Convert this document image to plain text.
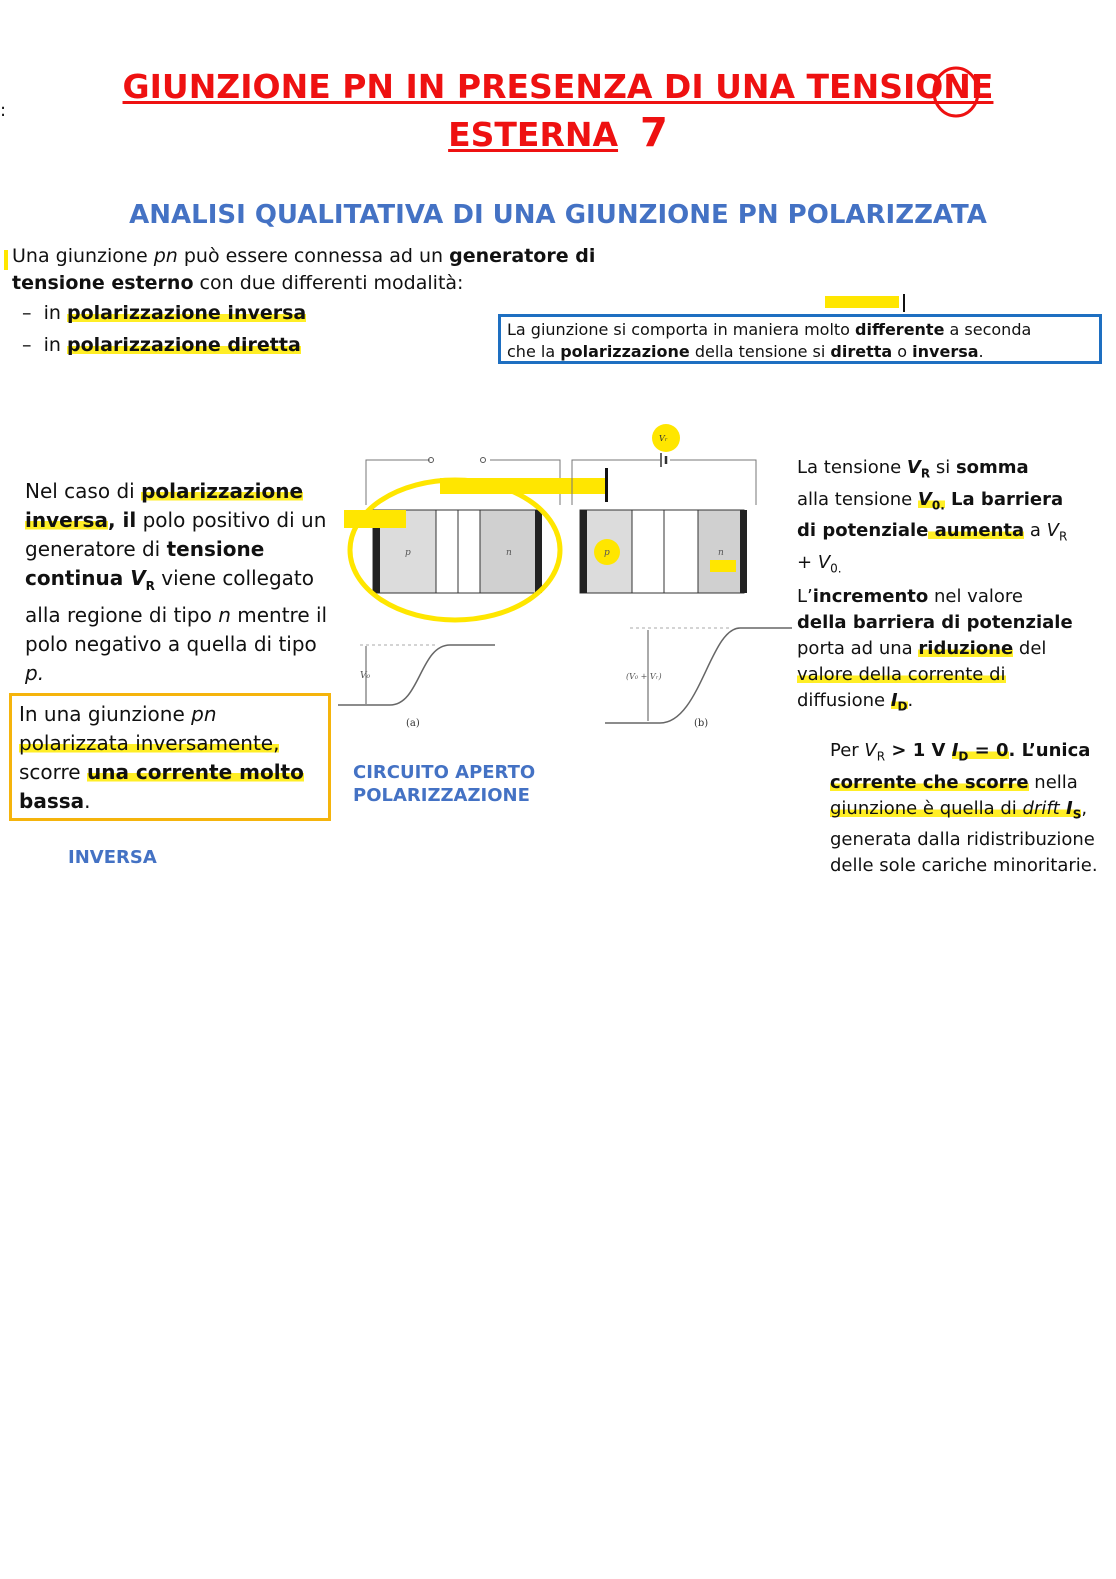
:
GIUNZIONE PN IN PRESENZA DI UNA TENSIONE
ESTERNA 7
ANALISI QUALITATIVA DI UNA GIUNZIONE PN POLARIZZATA
Una giunzione pn può essere connessa ad un generatore di
tensione esterno con due differenti modalità:
– in polarizzazione inversa
– in polarizzazione diretta
La giunzione si comporta in maniera molto differente a seconda
che la polarizzazione della tensione si diretta o inversa.
Nel caso di polarizzazione
inversa, il polo positivo di un
generatore di tensione
continua $V_R$ viene collegato
alla regione di tipo n mentre il
polo negativo a quella di tipo
p.
In una giunzione pn
polarizzata inversamente,
scorre una corrente molto
bassa.
CIRCUITO APERTO
POLARIZZAZIONE
INVERSA
p	n
Vᵣ
p	n
V₀
(a)
(V₀ + Vᵣ)
(b)
La tensione $V_R$ si somma
alla tensione $V_{0.}$ La barriera
di potenziale aumenta a $V_R$
+ $V_{0.}$
L’incremento nel valore
della barriera di potenziale
porta ad una riduzione del
valore della corrente di
diffusione $I_D$.
Per $V_R > 1$ V $I_D = 0$. L’unica
corrente che scorre nella
giunzione è quella di drift $I_S$,
generata dalla ridistribuzione
delle sole cariche minoritarie.
